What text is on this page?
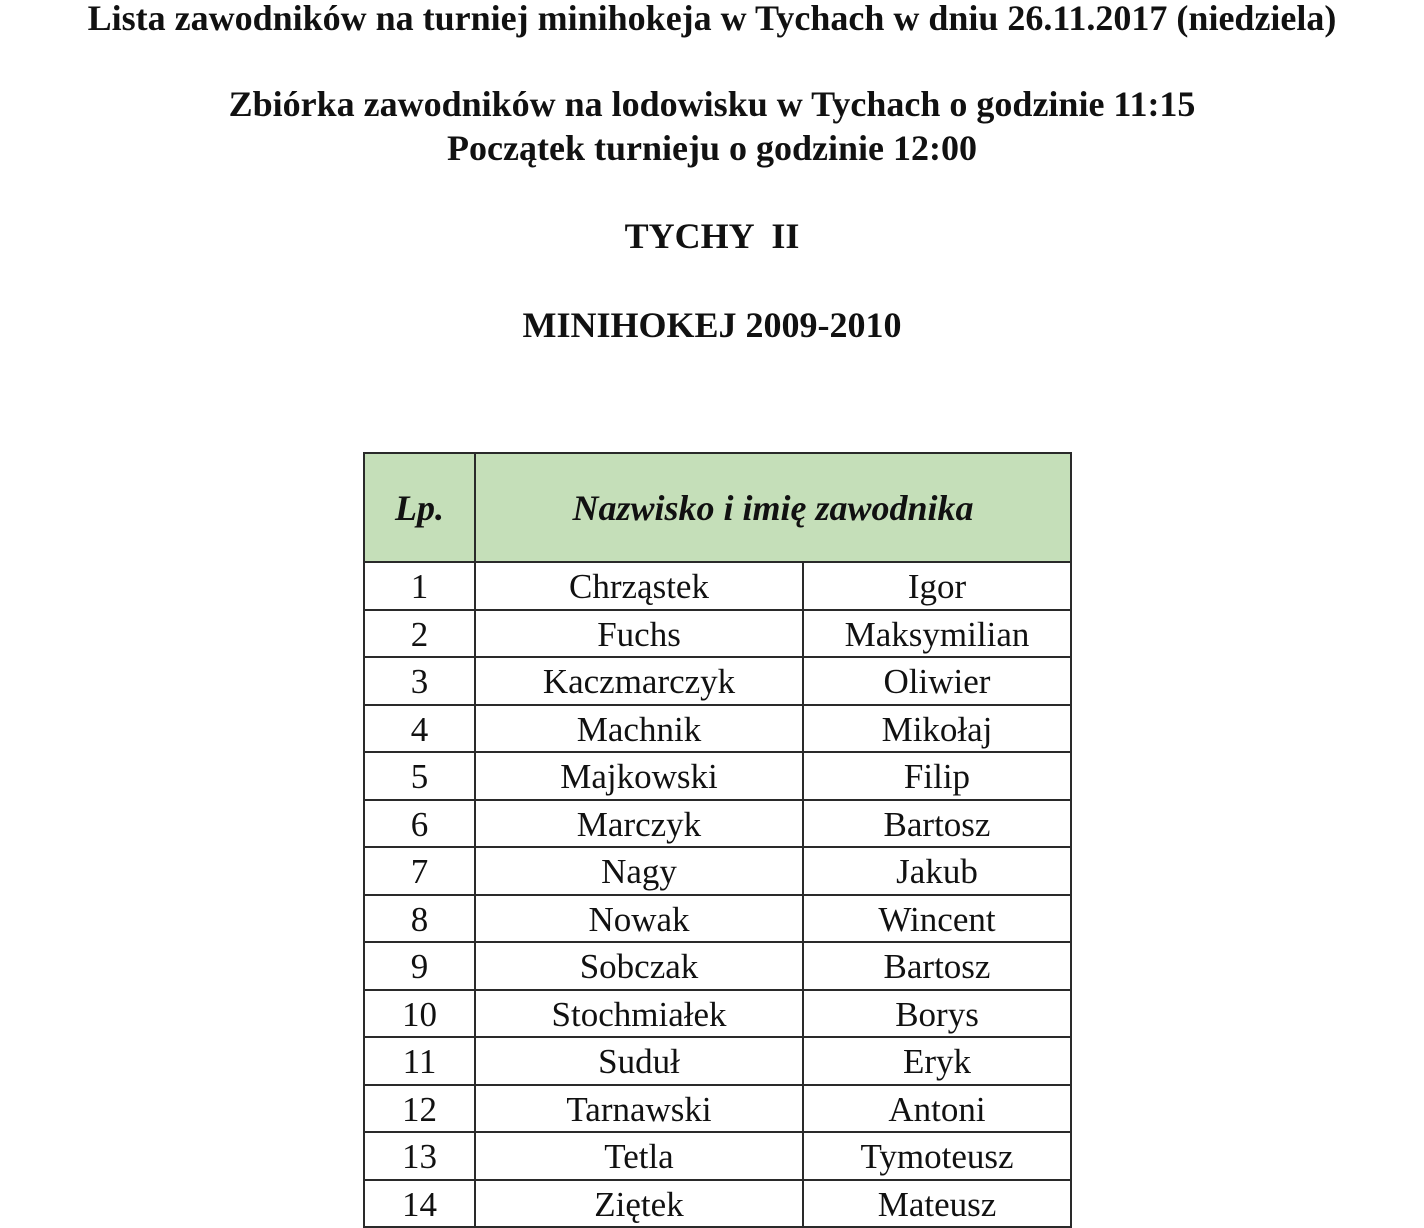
Lista zawodników na turniej minihokeja w Tychach w dniu 26.11.2017 (niedziela)
Zbiórka zawodników na lodowisku w Tychach o godzinie 11:15
Początek turnieju o godzinie 12:00
TYCHY  II
MINIHOKEJ 2009-2010
Lp.	Nazwisko i imię zawodnika	
1	Chrząstek	Igor
2	Fuchs	Maksymilian
3	Kaczmarczyk	Oliwier
4	Machnik	Mikołaj
5	Majkowski	Filip
6	Marczyk	Bartosz
7	Nagy	Jakub
8	Nowak	Wincent
9	Sobczak	Bartosz
10	Stochmiałek	Borys
11	Suduł	Eryk
12	Tarnawski	Antoni
13	Tetla	Tymoteusz
14	Ziętek	Mateusz
